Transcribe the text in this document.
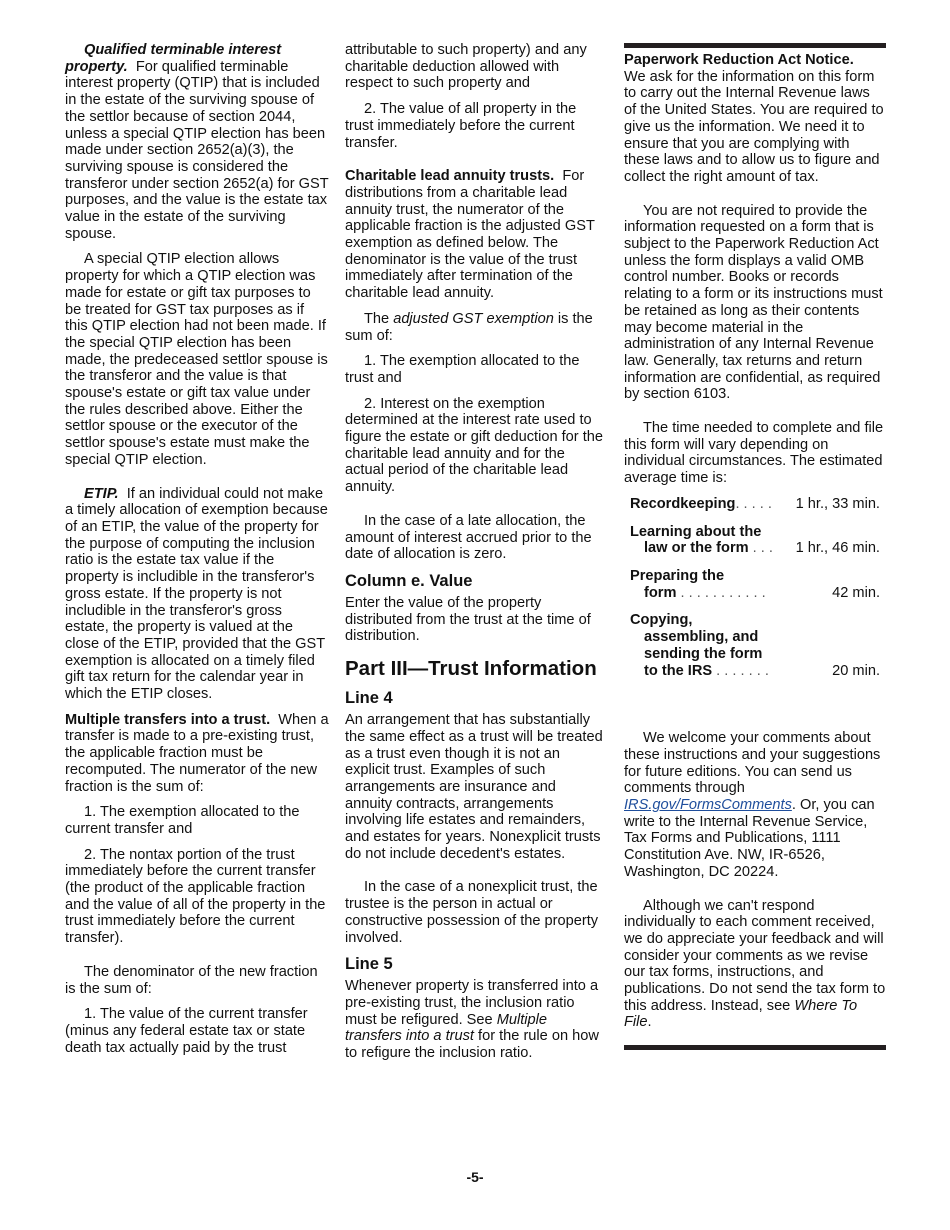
Qualified terminable interest property. For qualified terminable interest property (QTIP) that is included in the estate of the surviving spouse of the settlor because of section 2044, unless a special QTIP election has been made under section 2652(a)(3), the surviving spouse is considered the transferor under section 2652(a) for GST purposes, and the value is the estate tax value in the estate of the surviving spouse.

A special QTIP election allows property for which a QTIP election was made for estate or gift tax purposes to be treated for GST tax purposes as if this QTIP election had not been made. If the special QTIP election has been made, the predeceased settlor spouse is the transferor and the value is that spouse's estate or gift tax value under the rules described above. Either the settlor spouse or the executor of the settlor spouse's estate must make the special QTIP election.

ETIP. If an individual could not make a timely allocation of exemption because of an ETIP, the value of the property for the purpose of computing the inclusion ratio is the estate tax value if the property is includible in the transferor's gross estate. If the property is not includible in the transferor's gross estate, the property is valued at the close of the ETIP, provided that the GST exemption is allocated on a timely filed gift tax return for the calendar year in which the ETIP closes.

Multiple transfers into a trust. When a transfer is made to a pre-existing trust, the applicable fraction must be recomputed. The numerator of the new fraction is the sum of:

1. The exemption allocated to the current transfer and

2. The nontax portion of the trust immediately before the current transfer (the product of the applicable fraction and the value of all of the property in the trust immediately before the current transfer).

The denominator of the new fraction is the sum of:

1. The value of the current transfer (minus any federal estate tax or state death tax actually paid by the trust

attributable to such property) and any charitable deduction allowed with respect to such property and

2. The value of all property in the trust immediately before the current transfer.

Charitable lead annuity trusts. For distributions from a charitable lead annuity trust, the numerator of the applicable fraction is the adjusted GST exemption as defined below. The denominator is the value of the trust immediately after termination of the charitable lead annuity.

The adjusted GST exemption is the sum of:

1. The exemption allocated to the trust and

2. Interest on the exemption determined at the interest rate used to figure the estate or gift deduction for the charitable lead annuity and for the actual period of the charitable lead annuity.

In the case of a late allocation, the amount of interest accrued prior to the date of allocation is zero.

Column e. Value

Enter the value of the property distributed from the trust at the time of distribution.

Part III—Trust Information
Line 4

An arrangement that has substantially the same effect as a trust will be treated as a trust even though it is not an explicit trust. Examples of such arrangements are insurance and annuity contracts, arrangements involving life estates and remainders, and estates for years. Nonexplicit trusts do not include decedent's estates.

In the case of a nonexplicit trust, the trustee is the person in actual or constructive possession of the property involved.

Line 5

Whenever property is transferred into a pre-existing trust, the inclusion ratio must be refigured. See Multiple transfers into a trust for the rule on how to refigure the inclusion ratio.

Paperwork Reduction Act Notice.
We ask for the information on this form to carry out the Internal Revenue laws of the United States. You are required to give us the information. We need it to ensure that you are complying with these laws and to allow us to figure and collect the right amount of tax.

You are not required to provide the information requested on a form that is subject to the Paperwork Reduction Act unless the form displays a valid OMB control number. Books or records relating to a form or its instructions must be retained as long as their contents may become material in the administration of any Internal Revenue law. Generally, tax returns and return information are confidential, as required by section 6103.

The time needed to complete and file this form will vary depending on individual circumstances. The estimated average time is:

Recordkeeping. . . . .	1 hr., 33 min.
Learning about the
law or the form . . .	1 hr., 46 min.
Preparing the
form . . . . . . . . . . .	42 min.
Copying,
assembling, and
sending the form
to the IRS . . . . . . .	20 min.

We welcome your comments about these instructions and your suggestions for future editions. You can send us comments through IRS.gov/FormsComments. Or, you can write to the Internal Revenue Service, Tax Forms and Publications, 1111 Constitution Ave. NW, IR-6526, Washington, DC 20224.

Although we can't respond individually to each comment received, we do appreciate your feedback and will consider your comments as we revise our tax forms, instructions, and publications. Do not send the tax form to this address. Instead, see Where To File.

-5-
